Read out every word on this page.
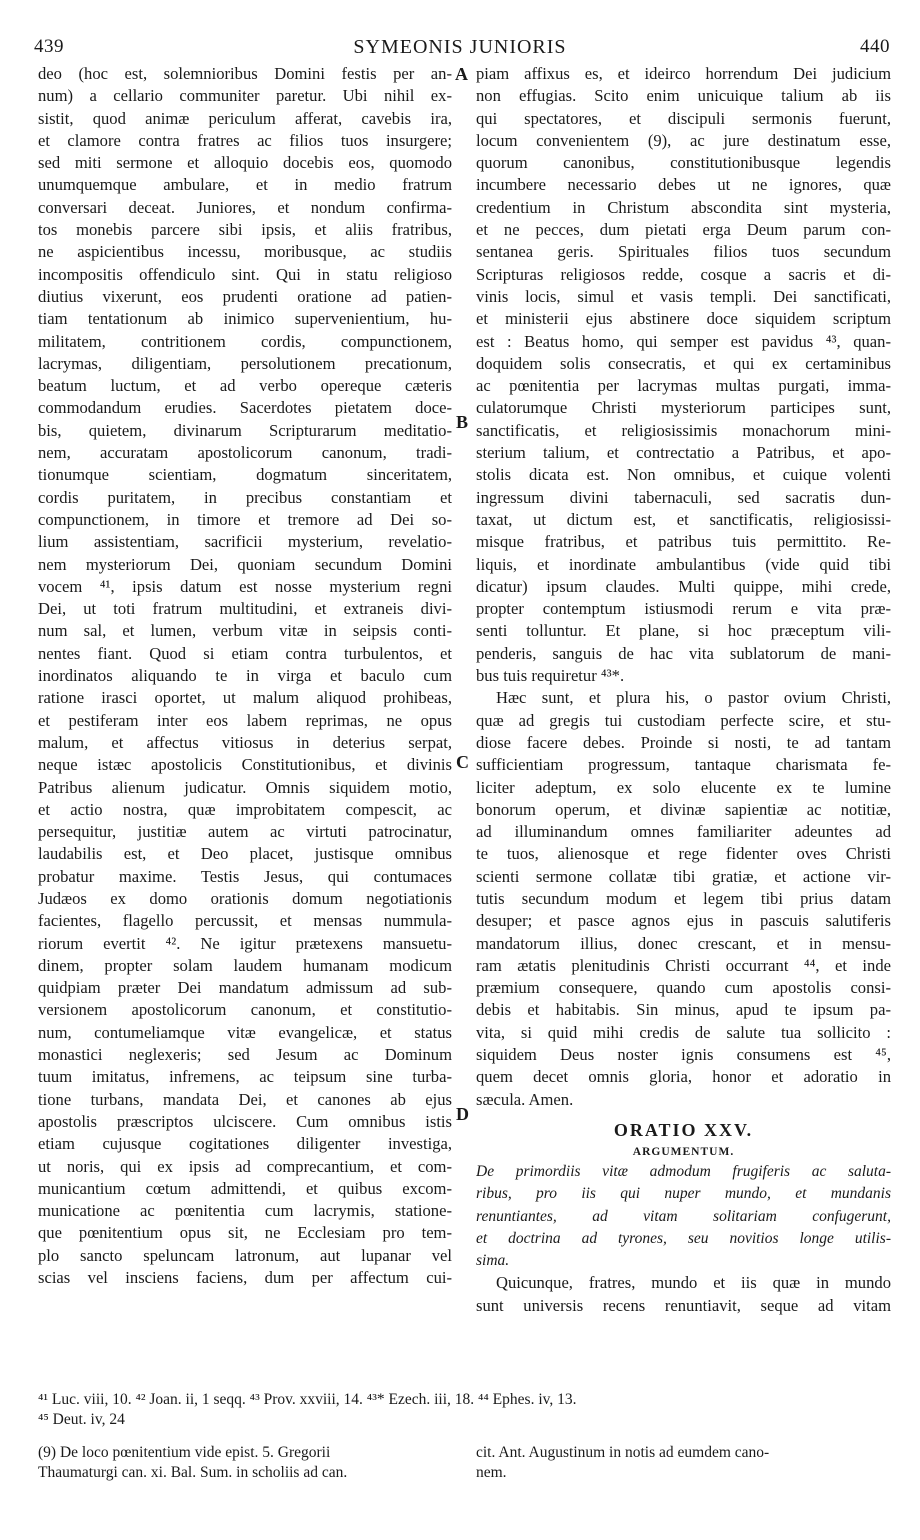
439	SYMEONIS JUNIORIS	440
deo (hoc est, solemnioribus Domini festis per an-
num) a cellario communiter paretur. Ubi nihil ex-
sistit, quod animæ periculum afferat, cavebis ira,
et clamore contra fratres ac filios tuos insurgere;
sed miti sermone et alloquio docebis eos, quomodo
unumquemque ambulare, et in medio fratrum
conversari deceat. Juniores, et nondum confirma-
tos monebis parcere sibi ipsis, et aliis fratribus,
ne aspicientibus incessu, moribusque, ac studiis
incompositis offendiculo sint. Qui in statu religioso
diutius vixerunt, eos prudenti oratione ad patien-
tiam tentationum ab inimico supervenientium, hu-
militatem, contritionem cordis, compunctionem,
lacrymas, diligentiam, persolutionem precationum,
beatum luctum, et ad verbo opereque cæteris
commodandum erudies. Sacerdotes pietatem doce-
bis, quietem, divinarum Scripturarum meditatio-
nem, accuratam apostolicorum canonum, tradi-
tionumque scientiam, dogmatum sinceritatem,
cordis puritatem, in precibus constantiam et
compunctionem, in timore et tremore ad Dei so-
lium assistentiam, sacrificii mysterium, revelatio-
nem mysteriorum Dei, quoniam secundum Domini
vocem ⁴¹, ipsis datum est nosse mysterium regni
Dei, ut toti fratrum multitudini, et extraneis divi-
num sal, et lumen, verbum vitæ in seipsis conti-
nentes fiant. Quod si etiam contra turbulentos, et
inordinatos aliquando te in virga et baculo cum
ratione irasci oportet, ut malum aliquod prohibeas,
et pestiferam inter eos labem reprimas, ne opus
malum, et affectus vitiosus in deterius serpat,
neque istæc apostolicis Constitutionibus, et divinis
Patribus alienum judicatur. Omnis siquidem motio,
et actio nostra, quæ improbitatem compescit, ac
persequitur, justitiæ autem ac virtuti patrocinatur,
laudabilis est, et Deo placet, justisque omnibus
probatur maxime. Testis Jesus, qui contumaces
Judæos ex domo orationis domum negotiationis
facientes, flagello percussit, et mensas nummula-
riorum evertit ⁴². Ne igitur prætexens mansuetu-
dinem, propter solam laudem humanam modicum
quidpiam præter Dei mandatum admissum ad sub-
versionem apostolicorum canonum, et constitutio-
num, contumeliamque vitæ evangelicæ, et status
monastici neglexeris; sed Jesum ac Dominum
tuum imitatus, infremens, ac teipsum sine turba-
tione turbans, mandata Dei, et canones ab ejus
apostolis præscriptos ulciscere. Cum omnibus istis
etiam cujusque cogitationes diligenter investiga,
ut noris, qui ex ipsis ad comprecantium, et com-
municantium cœtum admittendi, et quibus excom-
municatione ac pœnitentia cum lacrymis, statione-
que pœnitentium opus sit, ne Ecclesiam pro tem-
plo sancto speluncam latronum, aut lupanar vel
scias vel insciens faciens, dum per affectum cui-
piam affixus es, et ideirco horrendum Dei judicium
non effugias. Scito enim unicuique talium ab iis
qui spectatores, et discipuli sermonis fuerunt,
locum convenientem (9), ac jure destinatum esse,
quorum canonibus, constitutionibusque legendis
incumbere necessario debes ut ne ignores, quæ
credentium in Christum abscondita sint mysteria,
et ne pecces, dum pietati erga Deum parum con-
sentanea geris. Spirituales filios tuos secundum
Scripturas religiosos redde, cosque a sacris et di-
vinis locis, simul et vasis templi. Dei sanctificati,
et ministerii ejus abstinere doce siquidem scriptum
est : Beatus homo, qui semper est pavidus ⁴³, quan-
doquidem solis consecratis, et qui ex certaminibus
ac pœnitentia per lacrymas multas purgati, imma-
culatorumque Christi mysteriorum participes sunt,
sanctificatis, et religiosissimis monachorum mini-
sterium talium, et contrectatio a Patribus, et apo-
stolis dicata est. Non omnibus, et cuique volenti
ingressum divini tabernaculi, sed sacratis dun-
taxat, ut dictum est, et sanctificatis, religiosissi-
misque fratribus, et patribus tuis permittito. Re-
liquis, et inordinate ambulantibus (vide quid tibi
dicatur) ipsum claudes. Multi quippe, mihi crede,
propter contemptum istiusmodi rerum e vita præ-
senti tolluntur. Et plane, si hoc præceptum vili-
penderis, sanguis de hac vita sublatorum de mani-
bus tuis requiretur ⁴³*.
Hæc sunt, et plura his, o pastor ovium Christi,
quæ ad gregis tui custodiam perfecte scire, et stu-
diose facere debes. Proinde si nosti, te ad tantam
sufficientiam progressum, tantaque charismata fe-
liciter adeptum, ex solo elucente ex te lumine
bonorum operum, et divinæ sapientiæ ac notitiæ,
ad illuminandum omnes familiariter adeuntes ad
te tuos, alienosque et rege fidenter oves Christi
scienti sermone collatæ tibi gratiæ, et actione vir-
tutis secundum modum et legem tibi prius datam
desuper; et pasce agnos ejus in pascuis salutiferis
mandatorum illius, donec crescant, et in mensu-
ram ætatis plenitudinis Christi occurrant ⁴⁴, et inde
præmium consequere, quando cum apostolis consi-
debis et habitabis. Sin minus, apud te ipsum pa-
vita, si quid mihi credis de salute tua sollicito :
siquidem Deus noster ignis consumens est ⁴⁵,
quem decet omnis gloria, honor et adoratio in
sæcula. Amen.
ORATIO XXV.
ARGUMENTUM.
De primordiis vitæ admodum frugiferis ac saluta-
ribus, pro iis qui nuper mundo, et mundanis
renuntiantes, ad vitam solitariam confugerunt,
et doctrina ad tyrones, seu novitios longe utilis-
sima.
Quicunque, fratres, mundo et iis quæ in mundo
sunt universis recens renuntiavit, seque ad vitam
A
B
C
D
⁴¹ Luc. viii, 10. ⁴² Joan. ii, 1 seqq. ⁴³ Prov. xxviii, 14. ⁴³* Ezech. iii, 18. ⁴⁴ Ephes. iv, 13.
⁴⁵ Deut. iv, 24
(9) De loco pœnitentium vide epist. 5. Gregorii
Thaumaturgi can. xi. Bal. Sum. in scholiis ad can.
cit. Ant. Augustinum in notis ad eumdem cano-
nem.
